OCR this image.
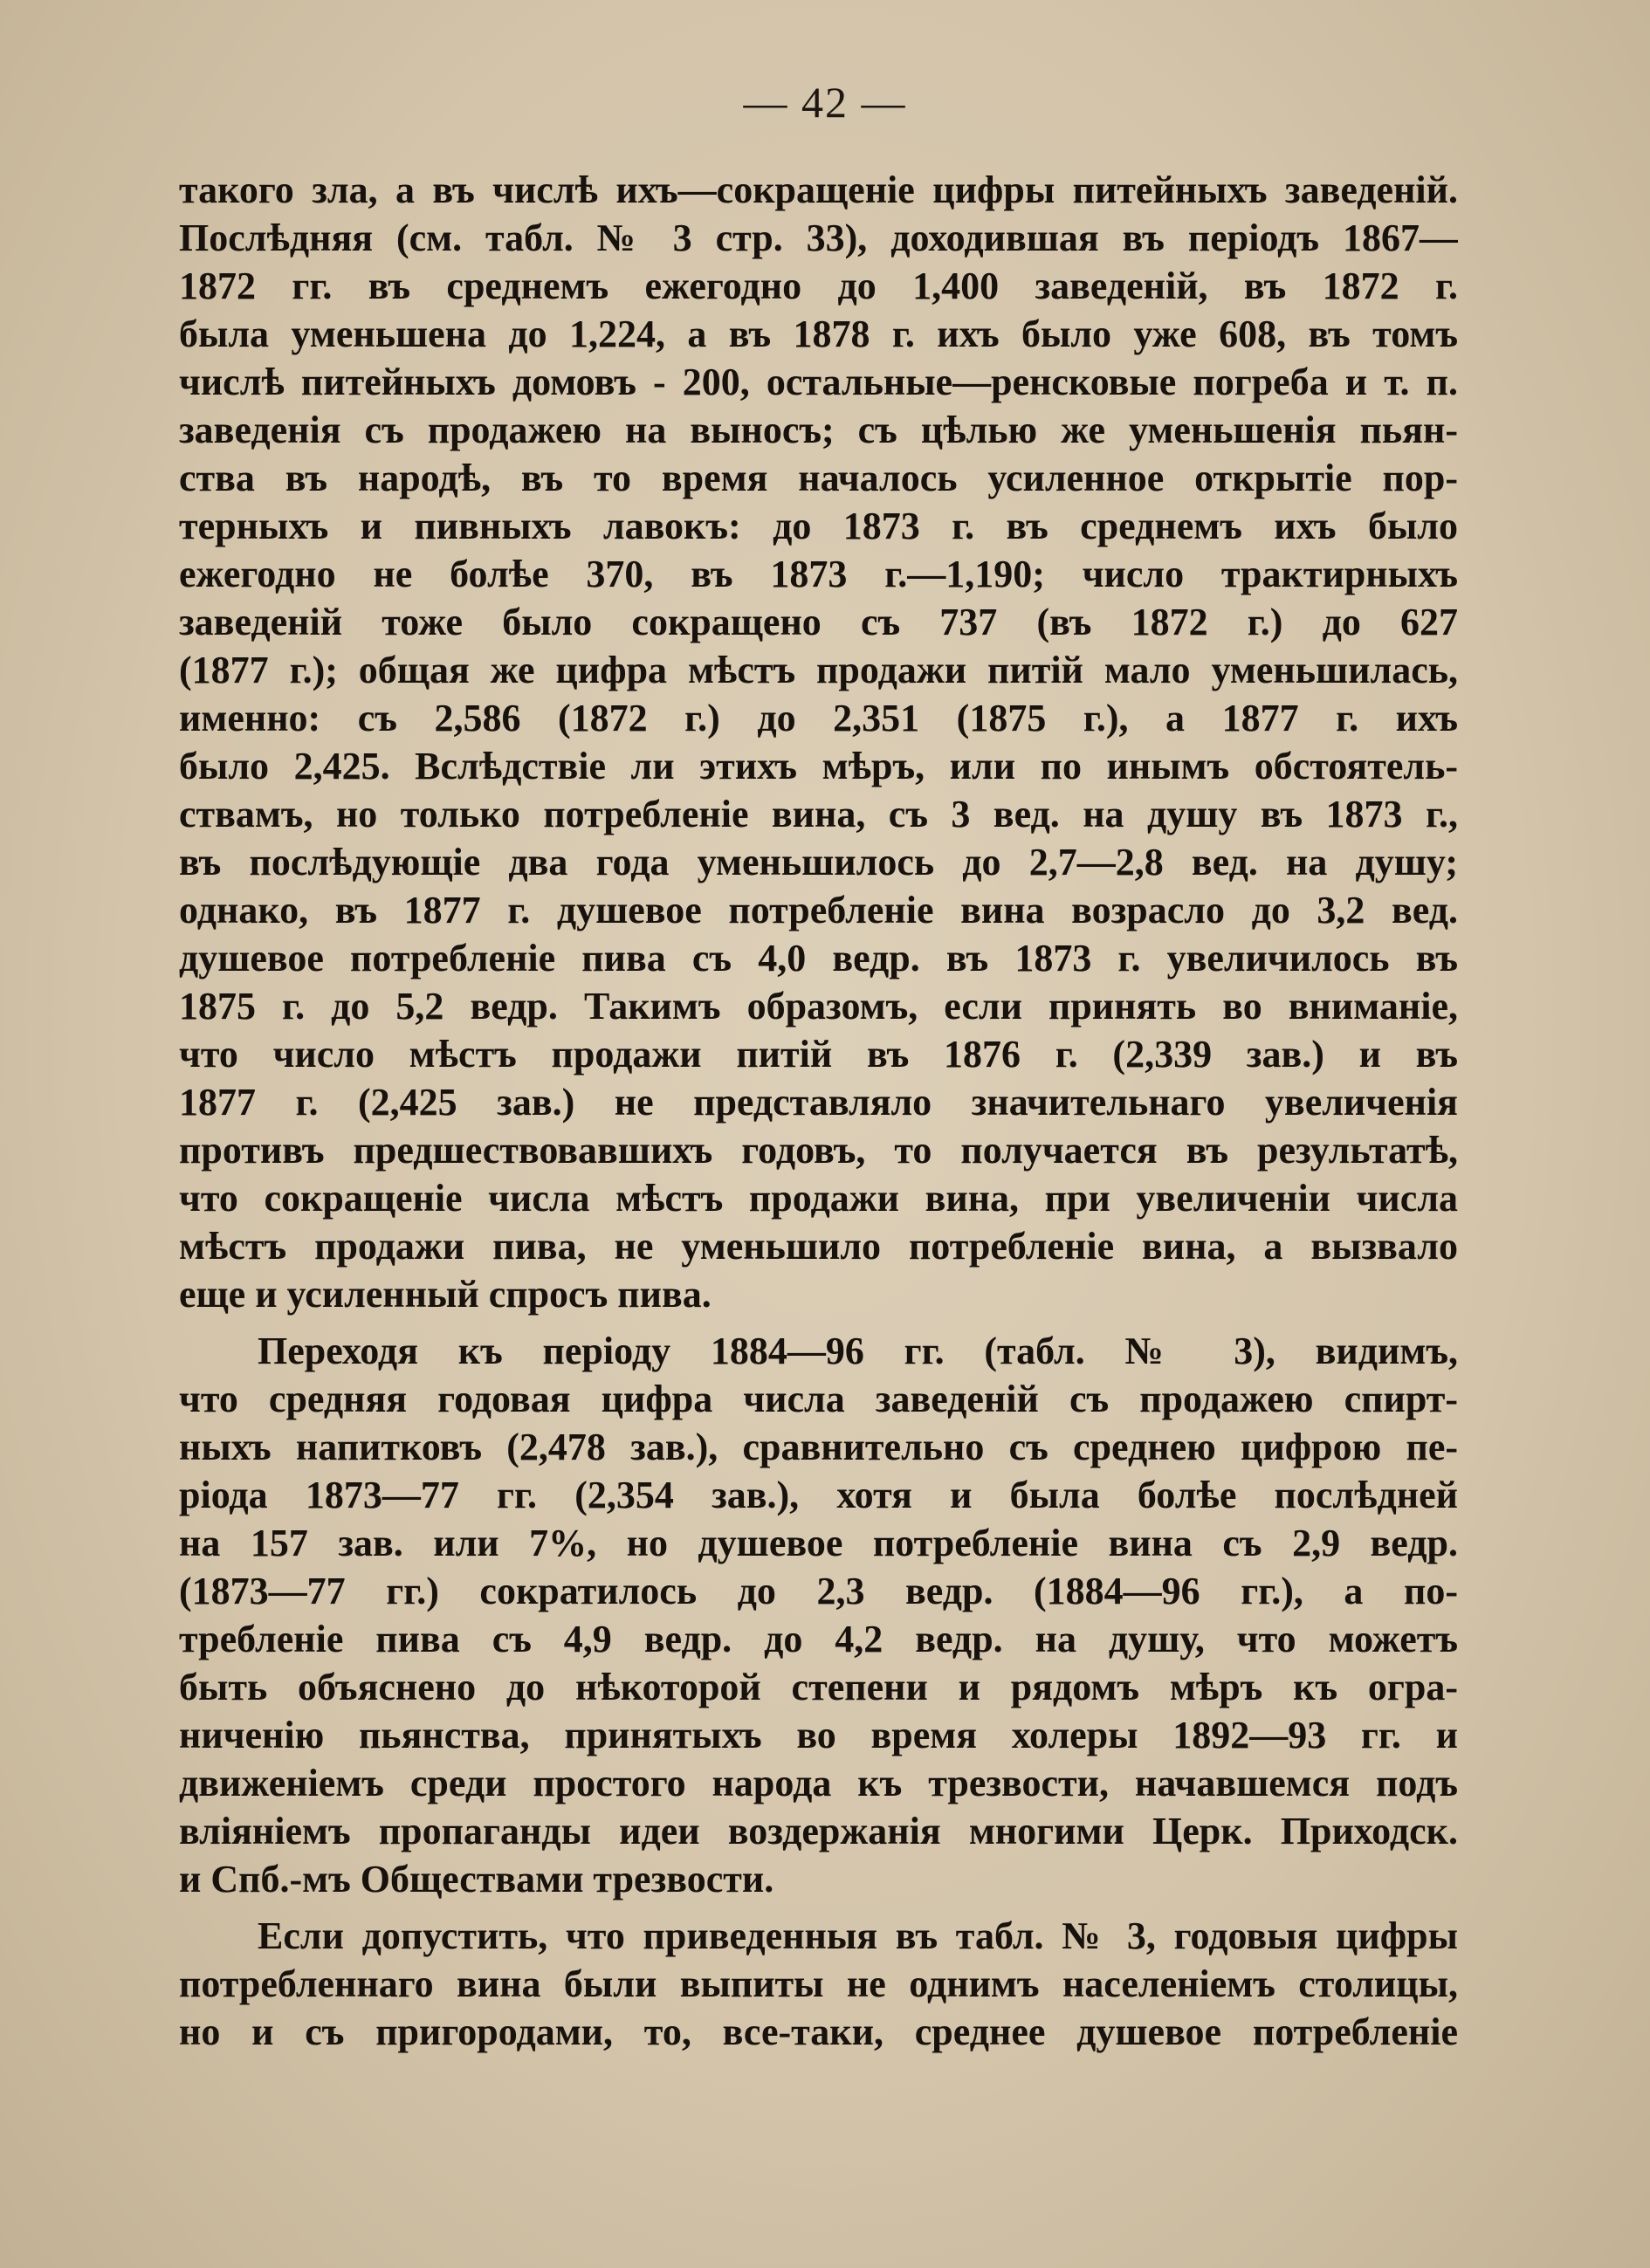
— 42 —
такого зла, а въ числѣ ихъ—сокращеніе цифры питейныхъ заведеній.
Послѣдняя (см. табл. № 3 стр. 33), доходившая въ періодъ 1867—
1872 гг. въ среднемъ ежегодно до 1,400 заведеній, въ 1872 г.
была уменьшена до 1,224, а въ 1878 г. ихъ было уже 608, въ томъ
числѣ питейныхъ домовъ - 200, остальные—ренсковые погреба и т. п.
заведенія съ продажею на выносъ; съ цѣлью же уменьшенія пьян-
ства въ народѣ, въ то время началось усиленное открытіе пор-
терныхъ и пивныхъ лавокъ: до 1873 г. въ среднемъ ихъ было
ежегодно не болѣе 370, въ 1873 г.—1,190; число трактирныхъ
заведеній тоже было сокращено съ 737 (въ 1872 г.) до 627
(1877 г.); общая же цифра мѣстъ продажи питій мало уменьшилась,
именно: съ 2,586 (1872 г.) до 2,351 (1875 г.), а 1877 г. ихъ
было 2,425. Вслѣдствіе ли этихъ мѣръ, или по инымъ обстоятель-
ствамъ, но только потребленіе вина, съ 3 вед. на душу въ 1873 г.,
въ послѣдующіе два года уменьшилось до 2,7—2,8 вед. на душу;
однако, въ 1877 г. душевое потребленіе вина возрасло до 3,2 вед.
душевое потребленіе пива съ 4,0 ведр. въ 1873 г. увеличилось въ
1875 г. до 5,2 ведр. Такимъ образомъ, если принять во вниманіе,
что число мѣстъ продажи питій въ 1876 г. (2,339 зав.) и въ
1877 г. (2,425 зав.) не представляло значительнаго увеличенія
противъ предшествовавшихъ годовъ, то получается въ результатѣ,
что сокращеніе числа мѣстъ продажи вина, при увеличеніи числа
мѣстъ продажи пива, не уменьшило потребленіе вина, а вызвало
еще и усиленный спросъ пива.
Переходя къ періоду 1884—96 гг. (табл. № 3), видимъ,
что средняя годовая цифра числа заведеній съ продажею спирт-
ныхъ напитковъ (2,478 зав.), сравнительно съ среднею цифрою пе-
ріода 1873—77 гг. (2,354 зав.), хотя и была болѣе послѣдней
на 157 зав. или 7%, но душевое потребленіе вина съ 2,9 ведр.
(1873—77 гг.) сократилось до 2,3 ведр. (1884—96 гг.), а по-
требленіе пива съ 4,9 ведр. до 4,2 ведр. на душу, что можетъ
быть объяснено до нѣкоторой степени и рядомъ мѣръ къ огра-
ниченію пьянства, принятыхъ во время холеры 1892—93 гг. и
движеніемъ среди простого народа къ трезвости, начавшемся подъ
вліяніемъ пропаганды идеи воздержанія многими Церк. Приходск.
и Спб.-мъ Обществами трезвости.
Если допустить, что приведенныя въ табл. № 3, годовыя цифры
потребленнаго вина были выпиты не однимъ населеніемъ столицы,
но и съ пригородами, то, все-таки, среднее душевое потребленіе
